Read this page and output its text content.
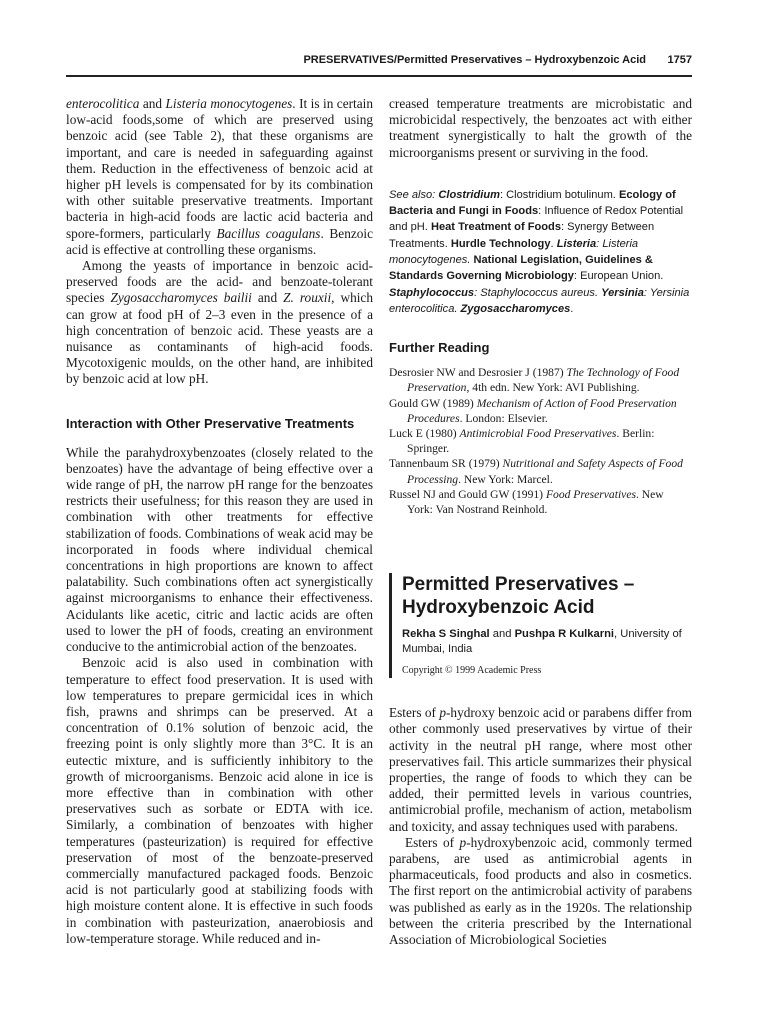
PRESERVATIVES/Permitted Preservatives – Hydroxybenzoic Acid 1757

enterocolitica and Listeria monocytogenes. It is in certain low-acid foods,some of which are preserved using benzoic acid (see Table 2), that these organisms are important, and care is needed in safeguarding against them. Reduction in the effectiveness of benzoic acid at higher pH levels is compensated for by its combination with other suitable preservative treatments. Important bacteria in high-acid foods are lactic acid bacteria and spore-formers, particularly Bacillus coagulans. Benzoic acid is effective at controlling these organisms.

Among the yeasts of importance in benzoic acid-preserved foods are the acid- and benzoate-tolerant species Zygosaccharomyces bailii and Z. rouxii, which can grow at food pH of 2–3 even in the presence of a high concentration of benzoic acid. These yeasts are a nuisance as contaminants of high-acid foods. Mycotoxigenic moulds, on the other hand, are inhibited by benzoic acid at low pH.

Interaction with Other Preservative Treatments

While the parahydroxybenzoates (closely related to the benzoates) have the advantage of being effective over a wide range of pH, the narrow pH range for the benzoates restricts their usefulness; for this reason they are used in combination with other treatments for effective stabilization of foods. Combinations of weak acid may be incorporated in foods where individual chemical concentrations in high proportions are known to affect palatability. Such combinations often act synergistically against microorganisms to enhance their effectiveness. Acidulants like acetic, citric and lactic acids are often used to lower the pH of foods, creating an environment conducive to the antimicrobial action of the benzoates.

Benzoic acid is also used in combination with temperature to effect food preservation. It is used with low temperatures to prepare germicidal ices in which fish, prawns and shrimps can be preserved. At a concentration of 0.1% solution of benzoic acid, the freezing point is only slightly more than 3°C. It is an eutectic mixture, and is sufficiently inhibitory to the growth of microorganisms. Benzoic acid alone in ice is more effective than in combination with other preservatives such as sorbate or EDTA with ice. Similarly, a combination of benzoates with higher temperatures (pasteurization) is required for effective preservation of most of the benzoate-preserved commercially manufactured packaged foods. Benzoic acid is not particularly good at stabilizing foods with high moisture content alone. It is effective in such foods in combination with pasteurization, anaerobiosis and low-temperature storage. While reduced and in-

creased temperature treatments are microbistatic and microbicidal respectively, the benzoates act with either treatment synergistically to halt the growth of the microorganisms present or surviving in the food.

See also: Clostridium: Clostridium botulinum. Ecology of Bacteria and Fungi in Foods: Influence of Redox Potential and pH. Heat Treatment of Foods: Synergy Between Treatments. Hurdle Technology. Listeria: Listeria monocytogenes. National Legislation, Guidelines & Standards Governing Microbiology: European Union. Staphylococcus: Staphylococcus aureus. Yersinia: Yersinia enterocolitica. Zygosaccharomyces.

Further Reading
Desrosier NW and Desrosier J (1987) The Technology of Food Preservation, 4th edn. New York: AVI Publishing.
Gould GW (1989) Mechanism of Action of Food Preservation Procedures. London: Elsevier.
Luck E (1980) Antimicrobial Food Preservatives. Berlin: Springer.
Tannenbaum SR (1979) Nutritional and Safety Aspects of Food Processing. New York: Marcel.
Russel NJ and Gould GW (1991) Food Preservatives. New York: Van Nostrand Reinhold.
Permitted Preservatives –
Hydroxybenzoic Acid

Rekha S Singhal and Pushpa R Kulkarni, University of Mumbai, India

Copyright © 1999 Academic Press

Esters of p-hydroxy benzoic acid or parabens differ from other commonly used preservatives by virtue of their activity in the neutral pH range, where most other preservatives fail. This article summarizes their physical properties, the range of foods to which they can be added, their permitted levels in various countries, antimicrobial profile, mechanism of action, metabolism and toxicity, and assay techniques used with parabens.

Esters of p-hydroxybenzoic acid, commonly termed parabens, are used as antimicrobial agents in pharmaceuticals, food products and also in cosmetics. The first report on the antimicrobial activity of parabens was published as early as in the 1920s. The relationship between the criteria prescribed by the International Association of Microbiological Societies
